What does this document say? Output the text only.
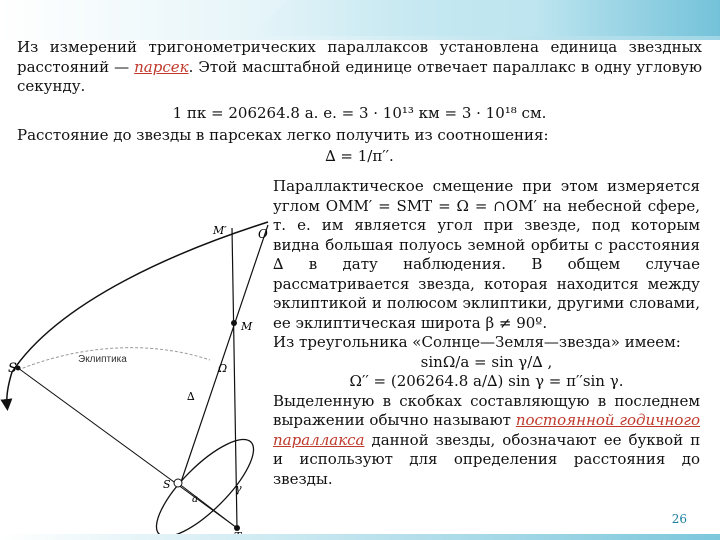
Из измерений тригонометрических параллаксов установлена единица звездных расстояний — парсек. Этой масштабной единице отвечает параллакс в одну угловую секунду.
1 пк = 206264.8 а. е. = 3 · 10¹³ км = 3 · 10¹⁸ см.
Расстояние до звезды в парсеках легко получить из соотношения:
∆ = 1/π′′.

Параллактическое смещение при этом измеряется углом OMM′ = SMT = Ω = ∩OM′ на небесной сфере, т. е. им является угол при звезде, под которым видна большая полуось земной орбиты с расстояния ∆ в дату наблюдения. В общем случае рассматривается звезда, которая находится между эклиптикой и полюсом эклиптики, другими словами, ее эклиптическая широта β ≠ 90º.

Из треугольника «Солнце—Земля—звезда» имеем:

sinΩ/a = sin γ/∆ ,

Ω′′ = (206264.8 a/∆) sin γ = π′′sin γ.

Выделенную в скобках составляющую в последнем выражении обычно называют постоянной годичного параллакса данной звезды, обозначают ее буквой π и используют для определения расстояния до звезды.

S′
Эклиптика
M′	O
M
Ω
∆
γ
S
a
26
